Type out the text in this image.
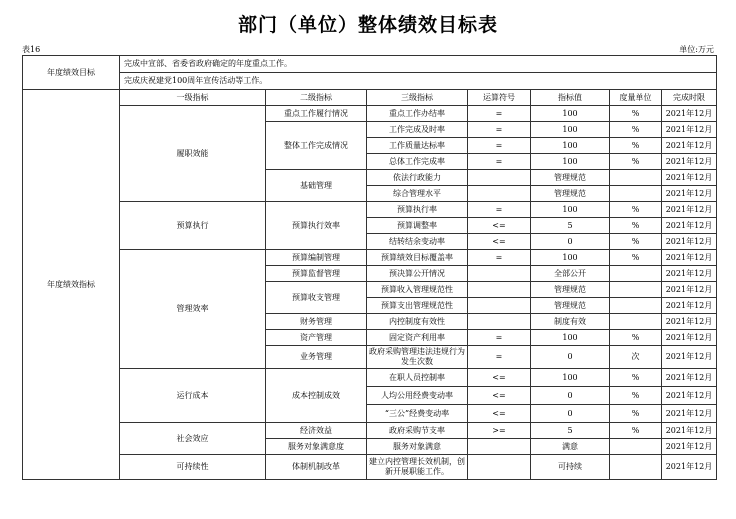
部门（单位）整体绩效目标表
表16	单位:万元
年度绩效目标	完成中宣部、省委省政府确定的年度重点工作。						
	完成庆祝建党100周年宣传活动等工作。						
年度绩效指标	一级指标	二级指标	三级指标	运算符号	指标值	度量单位	完成时限
	履职效能	重点工作履行情况	重点工作办结率	=	100	%	2021年12月
		整体工作完成情况	工作完成及时率	=	100	%	2021年12月
			工作质量达标率	=	100	%	2021年12月
			总体工作完成率	=	100	%	2021年12月
		基础管理	依法行政能力		管理规范		2021年12月
			综合管理水平		管理规范		2021年12月
	预算执行	预算执行效率	预算执行率	=	100	%	2021年12月
			预算调整率	<=	5	%	2021年12月
			结转结余变动率	<=	0	%	2021年12月
	管理效率	预算编制管理	预算绩效目标覆盖率	=	100	%	2021年12月
		预算监督管理	预决算公开情况		全部公开		2021年12月
		预算收支管理	预算收入管理规范性		管理规范		2021年12月
			预算支出管理规范性		管理规范		2021年12月
		财务管理	内控制度有效性		制度有效		2021年12月
		资产管理	固定资产利用率	=	100	%	2021年12月
		业务管理	政府采购管理违法违规行为发生次数	=	0	次	2021年12月
	运行成本	成本控制成效	在职人员控制率	<=	100	%	2021年12月
			人均公用经费变动率	<=	0	%	2021年12月
			“三公”经费变动率	<=	0	%	2021年12月
	社会效应	经济效益	政府采购节支率	>=	5	%	2021年12月
		服务对象满意度	服务对象满意		满意		2021年12月
	可持续性	体制机制改革	建立内控管理长效机制，创新开展职能工作。		可持续		2021年12月
